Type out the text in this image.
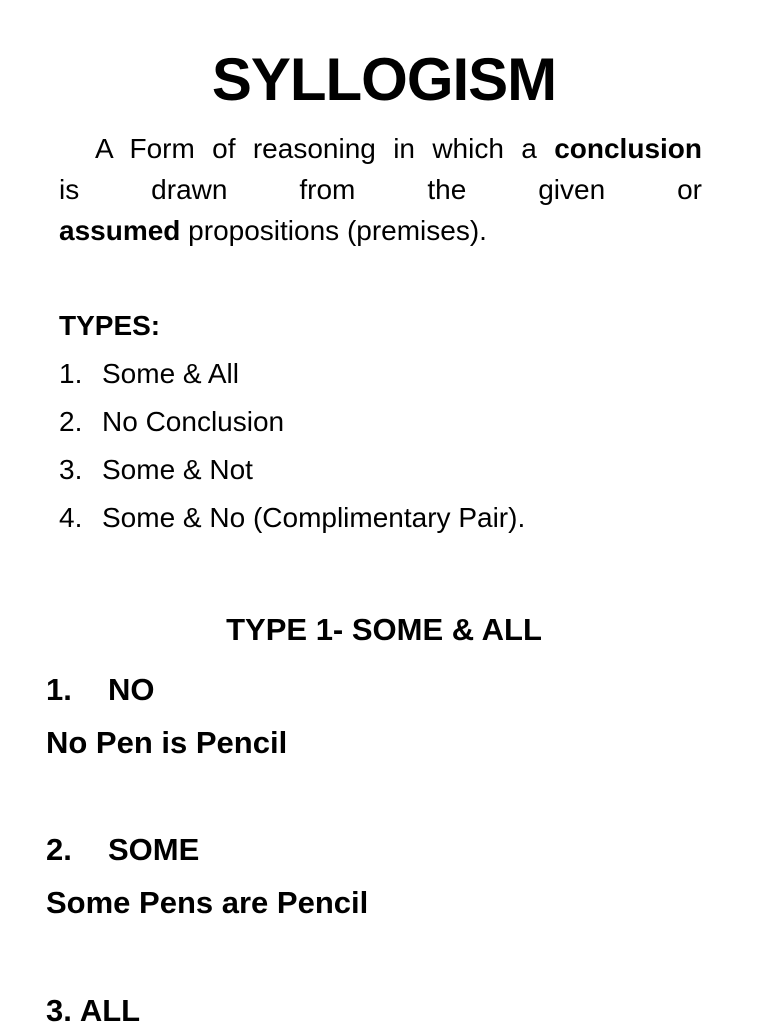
SYLLOGISM
A Form of reasoning in which a conclusion
is drawn from the given or
assumed propositions (premises).
TYPES:
1. Some & All
2. No Conclusion
3. Some & Not
4. Some & No (Complimentary Pair).
TYPE 1- SOME & ALL
1. NO
No Pen is Pencil
2. SOME
Some Pens are Pencil
3. ALL
